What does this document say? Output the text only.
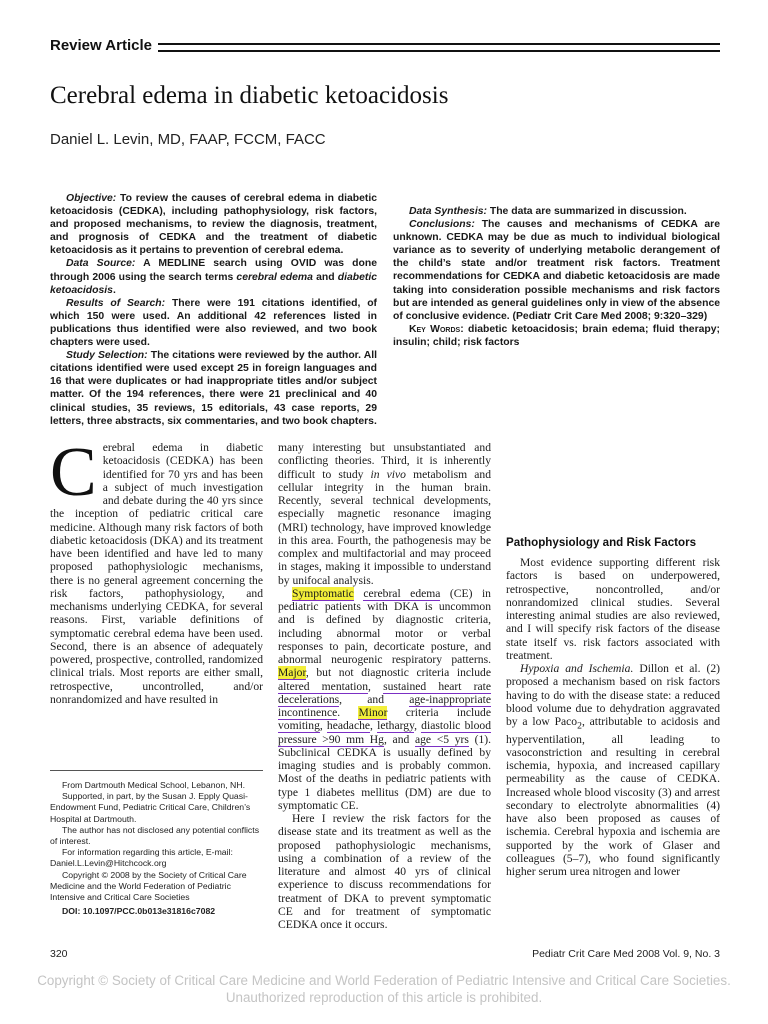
Review Article
Cerebral edema in diabetic ketoacidosis
Daniel L. Levin, MD, FAAP, FCCM, FACC

Objective: To review the causes of cerebral edema in diabetic ketoacidosis (CEDKA), including pathophysiology, risk factors, and proposed mechanisms, to review the diagnosis, treatment, and prognosis of CEDKA and the treatment of diabetic ketoacidosis as it pertains to prevention of cerebral edema.

Data Source: A MEDLINE search using OVID was done through 2006 using the search terms cerebral edema and diabetic ketoacidosis.

Results of Search: There were 191 citations identified, of which 150 were used. An additional 42 references listed in publications thus identified were also reviewed, and two book chapters were used.

Study Selection: The citations were reviewed by the author. All citations identified were used except 25 in foreign languages and 16 that were duplicates or had inappropriate titles and/or subject matter. Of the 194 references, there were 21 preclinical and 40 clinical studies, 35 reviews, 15 editorials, 43 case reports, 29 letters, three abstracts, six commentaries, and two book chapters.

Data Synthesis: The data are summarized in discussion.

Conclusions: The causes and mechanisms of CEDKA are unknown. CEDKA may be due as much to individual biological variance as to severity of underlying metabolic derangement of the child’s state and/or treatment risk factors. Treatment recommendations for CEDKA and diabetic ketoacidosis are made taking into consideration possible mechanisms and risk factors but are intended as general guidelines only in view of the absence of conclusive evidence. (Pediatr Crit Care Med 2008; 9:320–329)

Key Words: diabetic ketoacidosis; brain edema; fluid therapy; insulin; child; risk factors

Cerebral edema in diabetic ketoacidosis (CEDKA) has been identified for 70 yrs and has been a subject of much investigation and debate during the 40 yrs since the inception of pediatric critical care medicine. Although many risk factors of both diabetic ketoacidosis (DKA) and its treatment have been identified and have led to many proposed pathophysiologic mechanisms, there is no general agreement concerning the risk factors, pathophysiology, and mechanisms underlying CEDKA, for several reasons. First, variable definitions of symptomatic cerebral edema have been used. Second, there is an absence of adequately powered, prospective, controlled, randomized clinical trials. Most reports are either small, retrospective, uncontrolled, and/or nonrandomized and have resulted in

many interesting but unsubstantiated and conflicting theories. Third, it is inherently difficult to study in vivo metabolism and cellular integrity in the human brain. Recently, several technical developments, especially magnetic resonance imaging (MRI) technology, have improved knowledge in this area. Fourth, the pathogenesis may be complex and multifactorial and may proceed in stages, making it impossible to understand by unifocal analysis.

Symptomatic cerebral edema (CE) in pediatric patients with DKA is uncommon and is defined by diagnostic criteria, including abnormal motor or verbal responses to pain, decorticate posture, and abnormal neurogenic respiratory patterns. Major, but not diagnostic criteria include altered mentation, sustained heart rate decelerations, and age-inappropriate incontinence. Minor criteria include vomiting, headache, lethargy, diastolic blood pressure >90 mm Hg, and age <5 yrs (1). Subclinical CEDKA is usually defined by imaging studies and is probably common. Most of the deaths in pediatric patients with type 1 diabetes mellitus (DM) are due to symptomatic CE.

Here I review the risk factors for the disease state and its treatment as well as the proposed pathophysiologic mechanisms, using a combination of a review of the literature and almost 40 yrs of clinical experience to discuss recommendations for treatment of DKA to prevent symptomatic CE and for treatment of symptomatic CEDKA once it occurs.

Pathophysiology and Risk Factors

Most evidence supporting different risk factors is based on underpowered, retrospective, noncontrolled, and/or nonrandomized clinical studies. Several interesting animal studies are also reviewed, and I will specify risk factors of the disease state itself vs. risk factors associated with treatment.

Hypoxia and Ischemia. Dillon et al. (2) proposed a mechanism based on risk factors having to do with the disease state: a reduced blood volume due to dehydration aggravated by a low Paco$_2$, attributable to acidosis and hyperventilation, all leading to vasoconstriction and resulting in cerebral ischemia, hypoxia, and increased capillary permeability as the cause of CEDKA. Increased whole blood viscosity (3) and arrest secondary to electrolyte abnormalities (4) have also been proposed as causes of ischemia. Cerebral hypoxia and ischemia are supported by the work of Glaser and colleagues (5–7), who found significantly higher serum urea nitrogen and lower

From Dartmouth Medical School, Lebanon, NH.

Supported, in part, by the Susan J. Epply Quasi-Endowment Fund, Pediatric Critical Care, Children’s Hospital at Dartmouth.

The author has not disclosed any potential conflicts of interest.

For information regarding this article, E-mail: Daniel.L.Levin@Hitchcock.org

Copyright © 2008 by the Society of Critical Care Medicine and the World Federation of Pediatric Intensive and Critical Care Societies

DOI: 10.1097/PCC.0b013e31816c7082

320	Pediatr Crit Care Med 2008 Vol. 9, No. 3
Copyright © Society of Critical Care Medicine and World Federation of Pediatric Intensive and Critical Care Societies.
Unauthorized reproduction of this article is prohibited.
